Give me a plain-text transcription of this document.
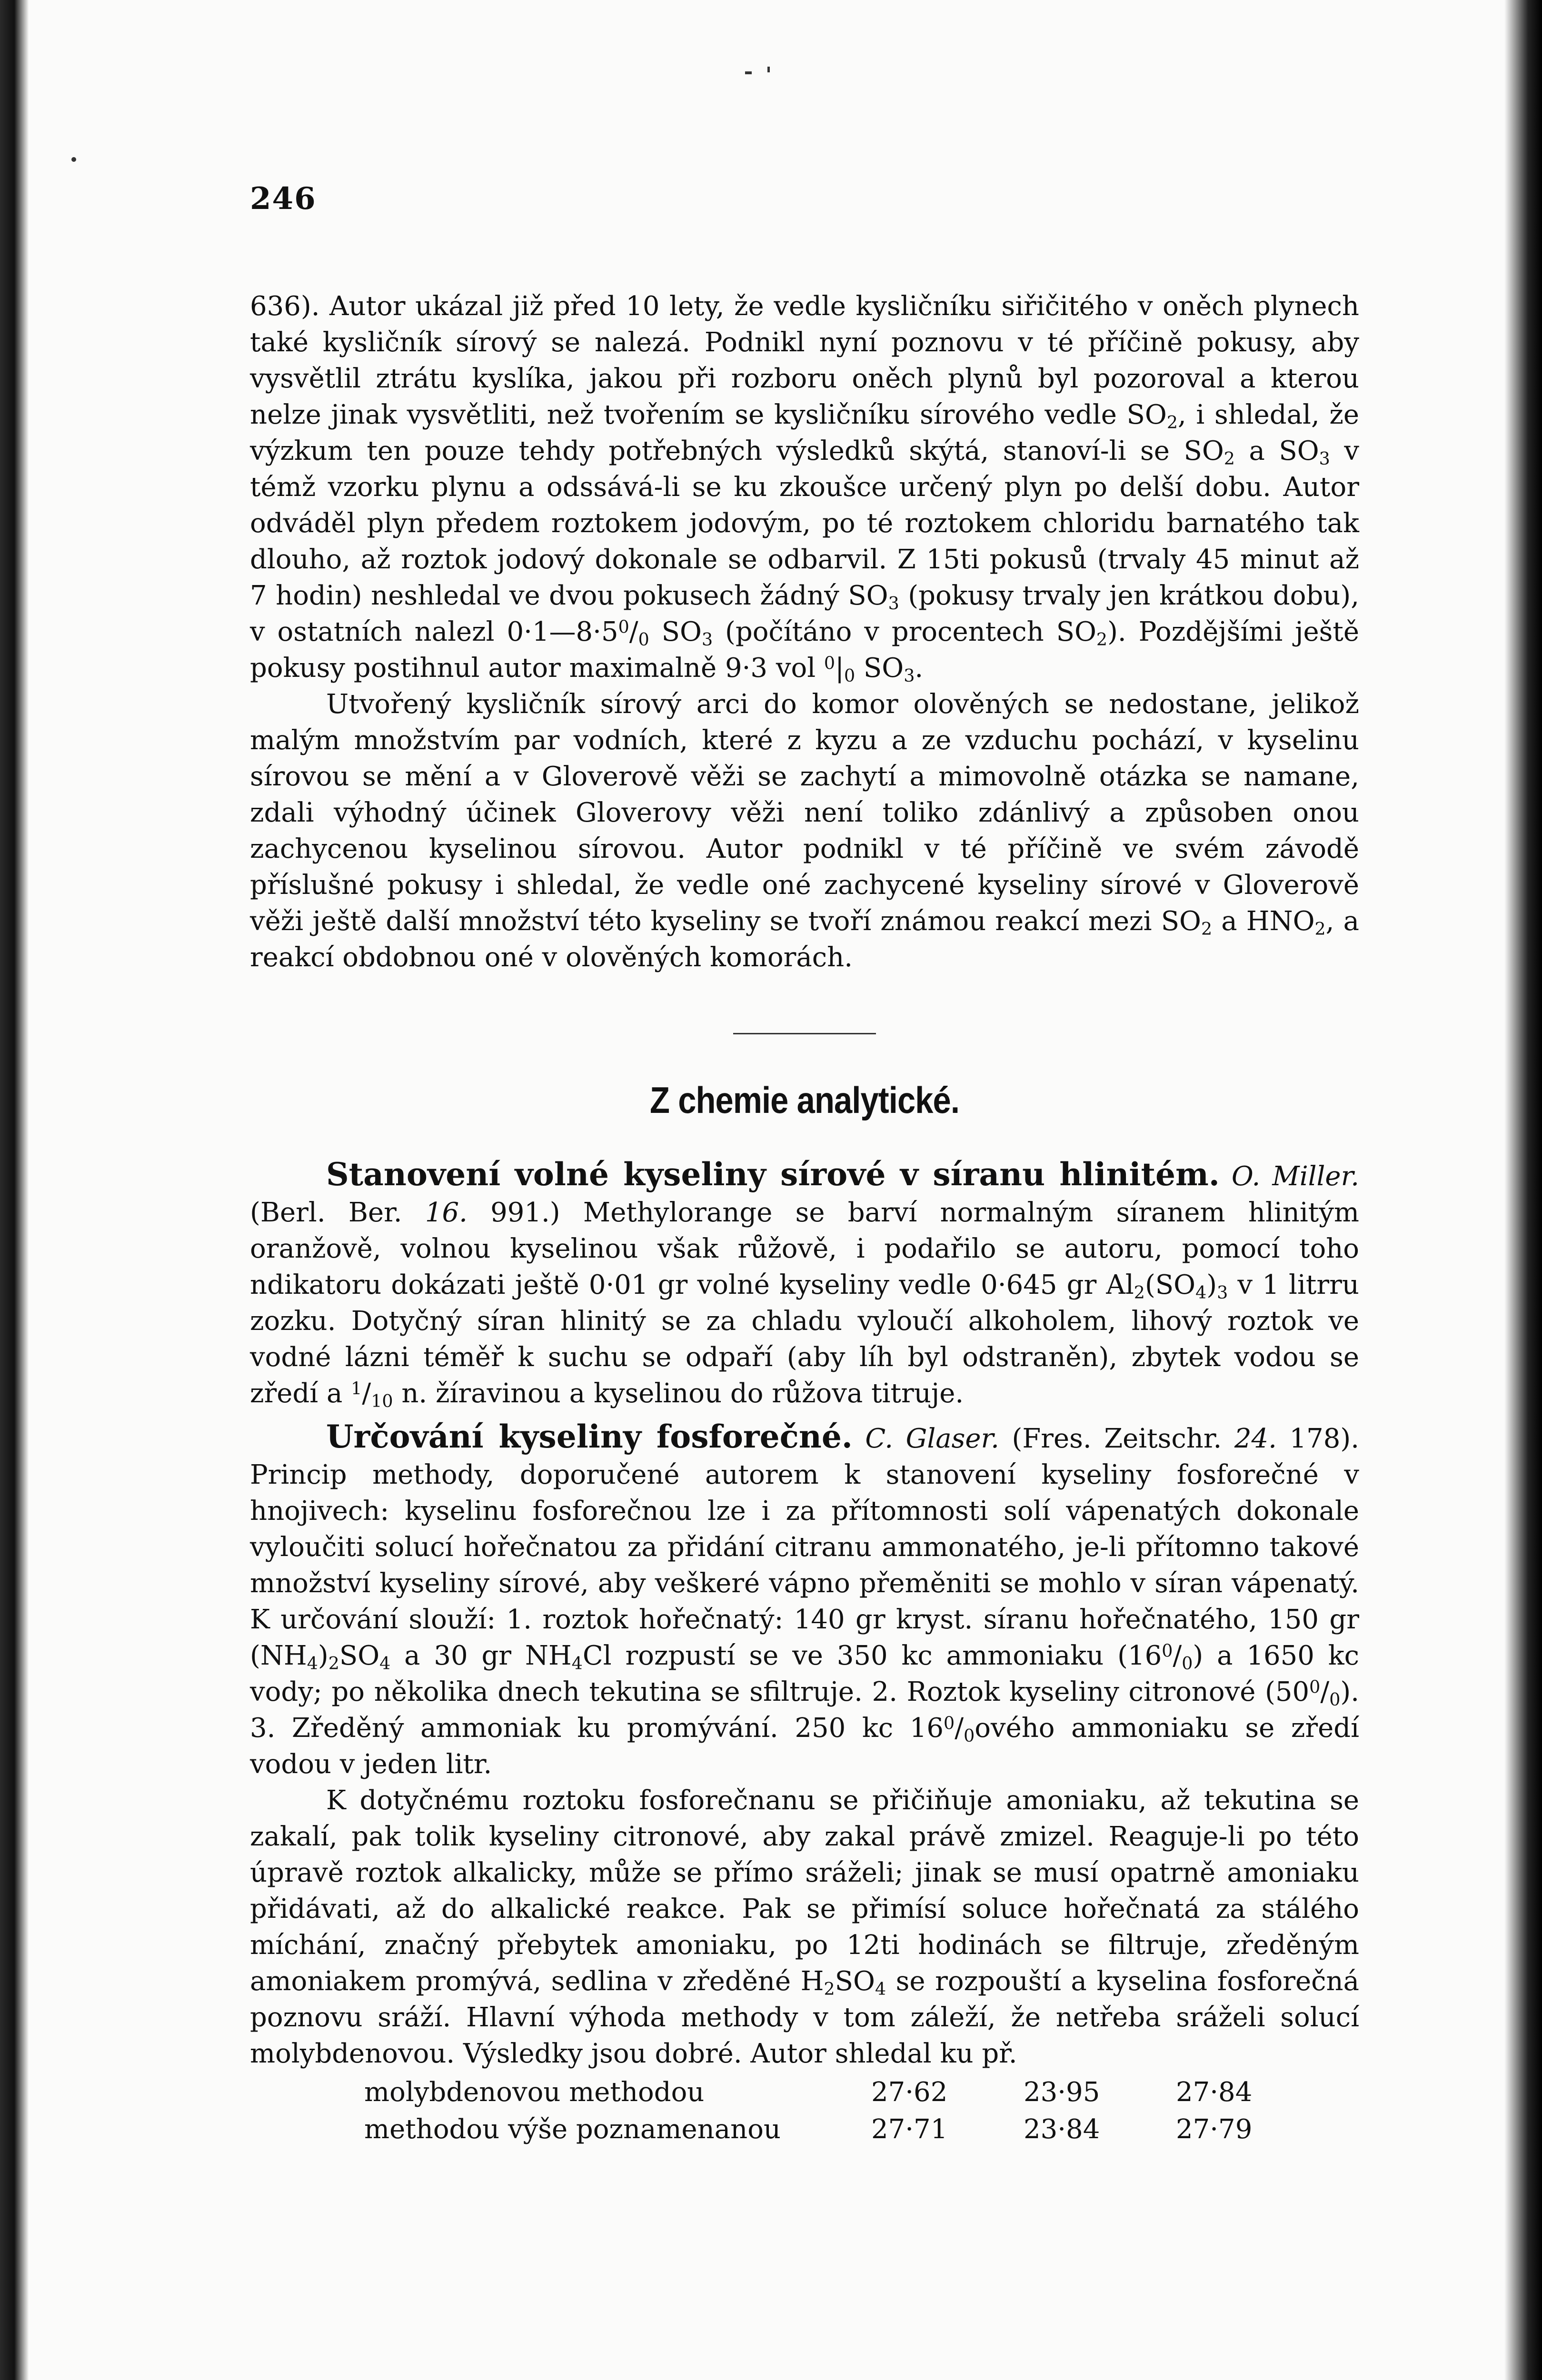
246

636). Autor ukázal již před 10 lety, že vedle kysličníku siřičitého v oněch plynech také kysličník sírový se nalezá. Podnikl nyní poznovu v té příčině pokusy, aby vysvětlil ztrátu kyslíka, jakou při rozboru oněch plynů byl pozoroval a kterou nelze jinak vysvětliti, než tvořením se kysličníku sírového vedle $SO_2$, i shledal, že výzkum ten pouze tehdy potřebných výsledků skýtá, stanoví-li se $SO_2$ a $SO_3$ v témž vzorku plynu a odssává-li se ku zkoušce určený plyn po delší dobu. Autor odváděl plyn předem roztokem jodovým, po té roztokem chloridu barnatého tak dlouho, až roztok jodový dokonale se odbarvil. Z 15ti pokusů (trvaly 45 minut až 7 hodin) neshledal ve dvou pokusech žádný $SO_3$ (pokusy trvaly jen krátkou dobu), v ostatních nalezl $0\cdot 1—8\cdot 5^0/_0$ $SO_3$ (počítáno v procentech $SO_2$). Pozdějšími ještě pokusy postihnul autor maximalně 9·3 vol $^0|_0$ $SO_3$.

Utvořený kysličník sírový arci do komor olověných se nedostane, jelikož malým množstvím par vodních, které z kyzu a ze vzduchu pochází, v kyselinu sírovou se mění a v Gloverově věži se zachytí a mimovolně otázka se namane, zdali výhodný účinek Gloverovy věži není toliko zdánlivý a způsoben onou zachycenou kyselinou sírovou. Autor podnikl v té příčině ve svém závodě příslušné pokusy i shledal, že vedle oné zachycené kyseliny sírové v Gloverově věži ještě další množství této kyseliny se tvoří známou reakcí mezi $SO_2$ a $HNO_2$, a reakcí obdobnou oné v olověných komorách.

Z chemie analytické.

Stanovení volné kyseliny sírové v síranu hlinitém. O. Miller. (Berl. Ber. 16. 991.) Methylorange se barví normalným síranem hlinitým oranžově, volnou kyselinou však růžově, i podařilo se autoru, pomocí toho ndikatoru dokázati ještě 0·01 gr volné kyseliny vedle 0·645 gr $Al_2(SO_4)_3$ v 1 litrru zozku. Dotyčný síran hlinitý se za chladu vyloučí alkoholem, lihový roztok ve vodné lázni téměř k suchu se odpaří (aby líh byl odstraněn), zbytek vodou se zředí a $^1/_{10}$ n. žíravinou a kyselinou do růžova titruje.

Určování kyseliny fosforečné. C. Glaser. (Fres. Zeitschr. 24. 178). Princip methody, doporučené autorem k stanovení kyseliny fosforečné v hnojivech: kyselinu fosforečnou lze i za přítomnosti solí vápenatých dokonale vyloučiti solucí hořečnatou za přidání citranu ammonatého, je-li přítomno takové množství kyseliny sírové, aby veškeré vápno přeměniti se mohlo v síran vápenatý. K určování slouží: 1. roztok hořečnatý: 140 gr kryst. síranu hořečnatého, 150 gr $(NH_4)_2SO_4$ a 30 gr $NH_4Cl$ rozpustí se ve 350 kc ammoniaku $(16^0/_0)$ a 1650 kc vody; po několika dnech tekutina se sfiltruje. 2. Roztok kyseliny citronové $(50^0/_0)$. 3. Zředěný ammoniak ku promývání. 250 kc $16^0/_0ového$ ammoniaku se zředí vodou v jeden litr.

K dotyčnému roztoku fosforečnanu se přičiňuje amoniaku, až tekutina se zakalí, pak tolik kyseliny citronové, aby zakal právě zmizel. Reaguje-li po této úpravě roztok alkalicky, může se přímo sráželi; jinak se musí opatrně amoniaku přidávati, až do alkalické reakce. Pak se přimísí soluce hořečnatá za stálého míchání, značný přebytek amoniaku, po 12ti hodinách se filtruje, zředěným amoniakem promývá, sedlina v zředěné $H_2SO_4$ se rozpouští a kyselina fosforečná poznovu sráží. Hlavní výhoda methody v tom záleží, že netřeba sráželi solucí molybdenovou. Výsledky jsou dobré. Autor shledal ku př.

molybdenovou methodou	27·62	23·95	27·84
methodou výše poznamenanou	27·71	23·84	27·79
